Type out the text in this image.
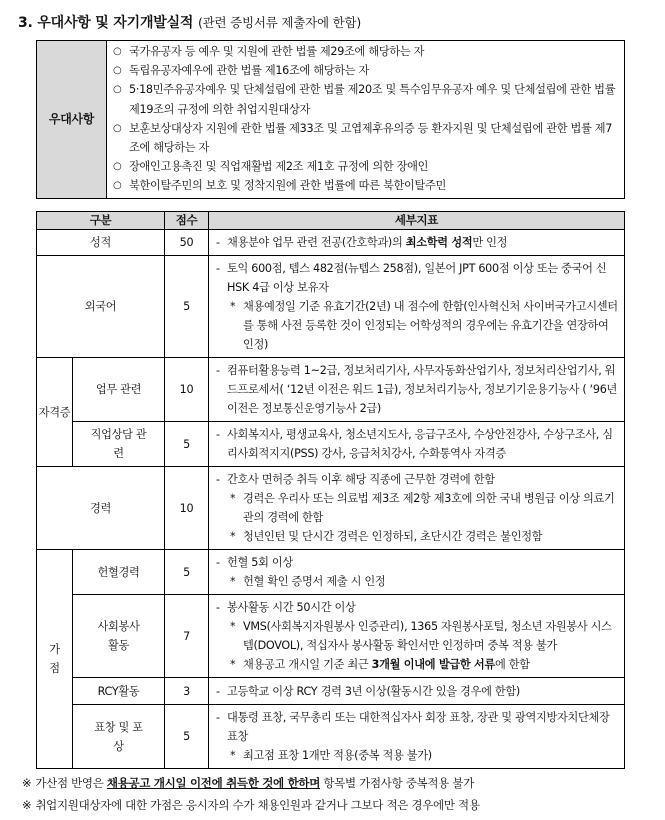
3. 우대사항 및 자기개발실적 (관련 증빙서류 제출자에 한함)
우대사항	
○ 국가유공자 등 예우 및 지원에 관한 법률 제29조에 해당하는 자
○ 독립유공자예우에 관한 법률 제16조에 해당하는 자
○ 5·18민주유공자예우 및 단체설립에 관한 법률 제20조 및 특수임무유공자 예우 및 단체설립에 관한 법률 제19조의 규정에 의한 취업지원대상자
○ 보훈보상대상자 지원에 관한 법률 제33조 및 고엽제후유의증 등 환자지원 및 단체설립에 관한 법률 제7조에 해당하는 자
○ 장애인고용촉진 및 직업재활법 제2조 제1호 규정에 의한 장애인
○ 북한이탈주민의 보호 및 정착지원에 관한 법률에 따른 북한이탈주민
구분		점수	세부지표
성적		50	- 채용분야 업무 관련 전공(간호학과)의 최소학력 성적만 인정

외국어		5	- 토익 600점, 텝스 482점(뉴텝스 258점), 일본어 JPT 600점 이상 또는 중국어 신HSK 4급 이상 보유자
* 채용예정일 기준 유효기간(2년) 내 점수에 한함(인사혁신처 사이버국가고시센터를 통해 사전 등록한 것이 인정되는 어학성적의 경우에는 유효기간을 연장하여 인정)

자격증	업무 관련	10	- 컴퓨터활용능력 1~2급, 정보처리기사, 사무자동화산업기사, 정보처리산업기사, 워드프로세서( ‘12년 이전은 워드 1급), 정보처리기능사, 정보기기운용기능사 ( ‘96년 이전은 정보통신운영기능사 2급)

	직업상담 관련	5	- 사회복지사, 평생교육사, 청소년지도사, 응급구조사, 수상안전강사, 수상구조사, 심리사회적지지(PSS) 강사, 응급처치강사, 수화통역사 자격증

경력		10	- 간호사 면허증 취득 이후 해당 직종에 근무한 경력에 한함
* 경력은 우리사 또는 의료법 제3조 제2항 제3호에 의한 국내 병원급 이상 의료기관의 경력에 한함
* 청년인턴 및 단시간 경력은 인정하되, 초단시간 경력은 불인정함

가 점	헌혈경력	5	- 헌혈 5회 이상
* 헌혈 확인 증명서 제출 시 인정

	사회봉사 활동	7	- 봉사활동 시간 50시간 이상
* VMS(사회복지자원봉사 인증관리), 1365 자원봉사포털, 청소년 자원봉사 시스템(DOVOL), 적십자사 봉사활동 확인서만 인정하며 중복 적용 불가
* 채용공고 개시일 기준 최근 3개월 이내에 발급한 서류에 한함

	RCY활동	3	- 고등학교 이상 RCY 경력 3년 이상(활동시간 있을 경우에 한함)

	표창 및 포상	5	- 대통령 표창, 국무총리 또는 대한적십자사 회장 표창, 장관 및 광역지방자치단체장 표창
* 최고점 표창 1개만 적용(중복 적용 불가)
※ 가산점 반영은 채용공고 개시일 이전에 취득한 것에 한하며 항목별 가점사항 중복적용 불가
※ 취업지원대상자에 대한 가점은 응시자의 수가 채용인원과 같거나 그보다 적은 경우에만 적용
